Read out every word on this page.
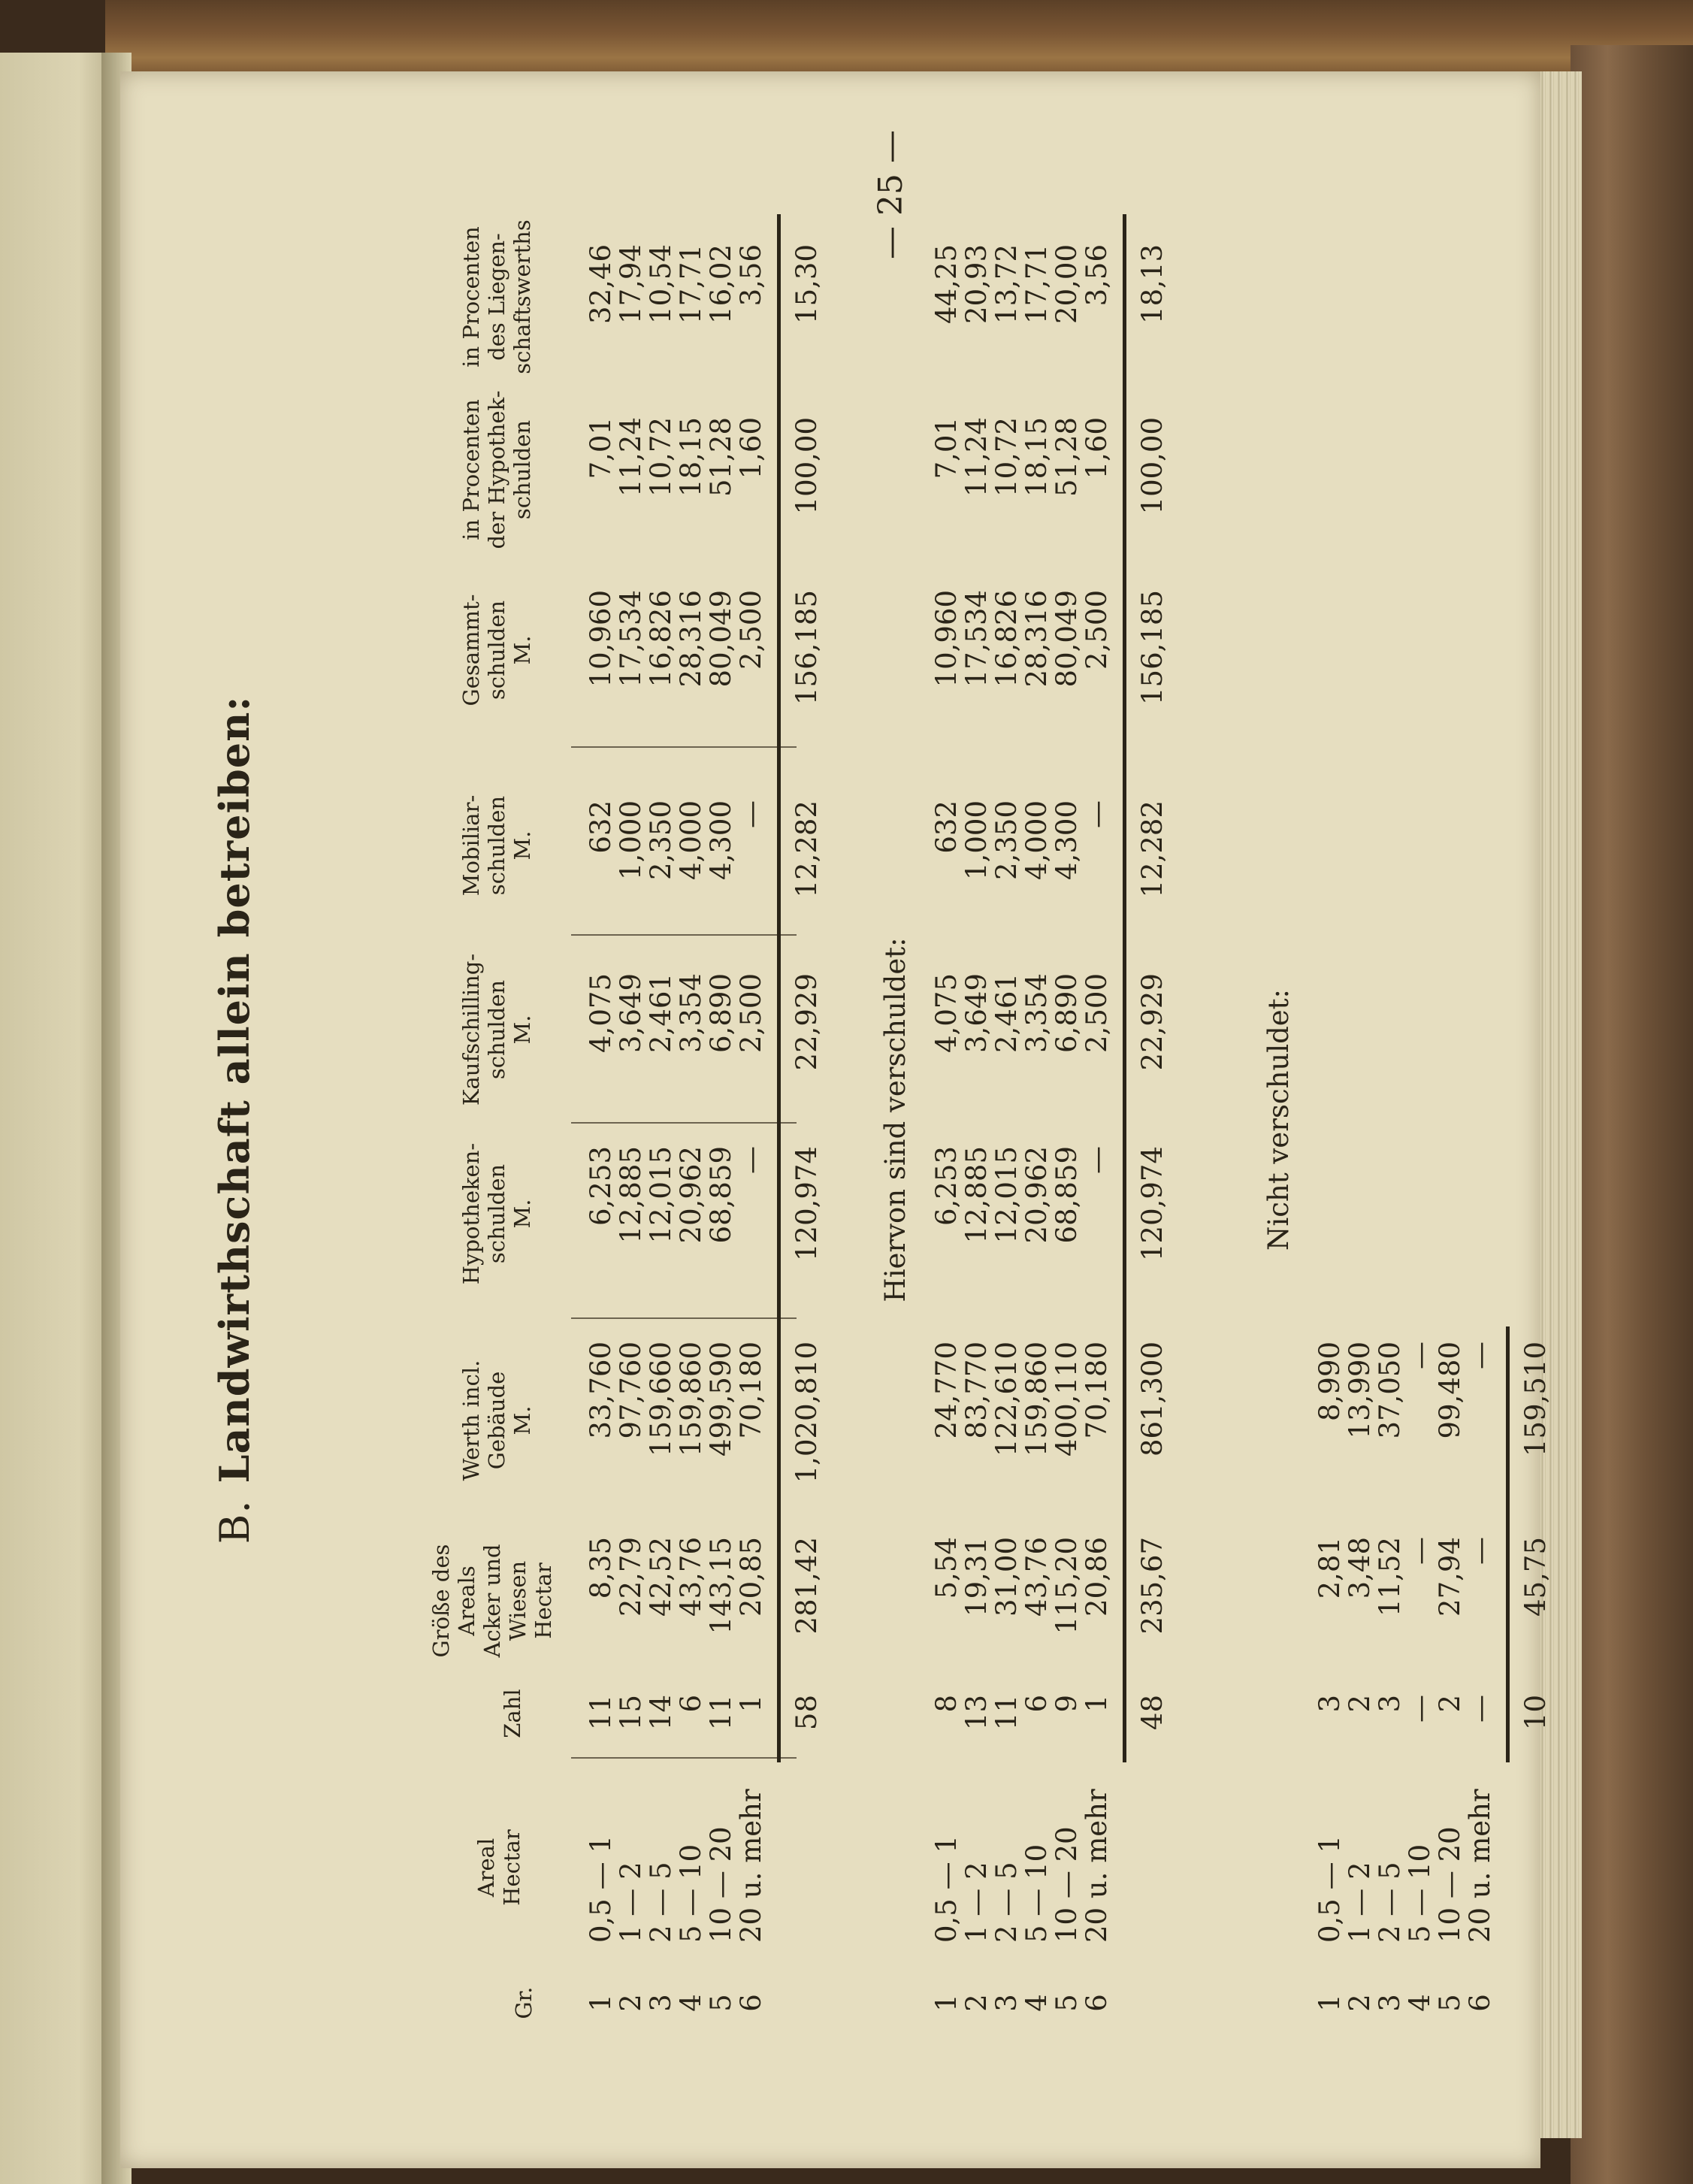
— 25 —
B.Landwirthschaft allein betreiben:
Gr.
Areal
Hectar
Zahl
Größe des
Areals
Acker und
Wiesen
Hectar
Werth incl.
Gebäude
M.
Hypotheken-
schulden
M.
Kaufschilling-
schulden
M.
Mobiliar-
schulden
M.
Gesammt-
schulden
M.
in Procenten
der Hypothek-
schulden
in Procenten
des Liegen-
schaftswerths
1
0,5 — 1
11
8,35
33,760
6,253
4,075
632
10,960
7,01
32,46
2
1 — 2
15
22,79
97,760
12,885
3,649
1,000
17,534
11,24
17,94
3
2 — 5
14
42,52
159,660
12,015
2,461
2,350
16,826
10,72
10,54
4
5 — 10
6
43,76
159,860
20,962
3,354
4,000
28,316
18,15
17,71
5
10 — 20
11
143,15
499,590
68,859
6,890
4,300
80,049
51,28
16,02
6
20 u. mehr
1
20,85
70,180
—
2,500
—
2,500
1,60
3,56
58
281,42
1,020,810
120,974
22,929
12,282
156,185
100,00
15,30
Hiervon sind verschuldet:
1
0,5 — 1
8
5,54
24,770
6,253
4,075
632
10,960
7,01
44,25
2
1 — 2
13
19,31
83,770
12,885
3,649
1,000
17,534
11,24
20,93
3
2 — 5
11
31,00
122,610
12,015
2,461
2,350
16,826
10,72
13,72
4
5 — 10
6
43,76
159,860
20,962
3,354
4,000
28,316
18,15
17,71
5
10 — 20
9
115,20
400,110
68,859
6,890
4,300
80,049
51,28
20,00
6
20 u. mehr
1
20,86
70,180
—
2,500
—
2,500
1,60
3,56
48
235,67
861,300
120,974
22,929
12,282
156,185
100,00
18,13
Nicht verschuldet:
1
0,5 — 1
3
2,81
8,990
2
1 — 2
2
3,48
13,990
3
2 — 5
3
11,52
37,050
4
5 — 10
—
—
—
5
10 — 20
2
27,94
99,480
6
20 u. mehr
—
—
—
10
45,75
159,510
